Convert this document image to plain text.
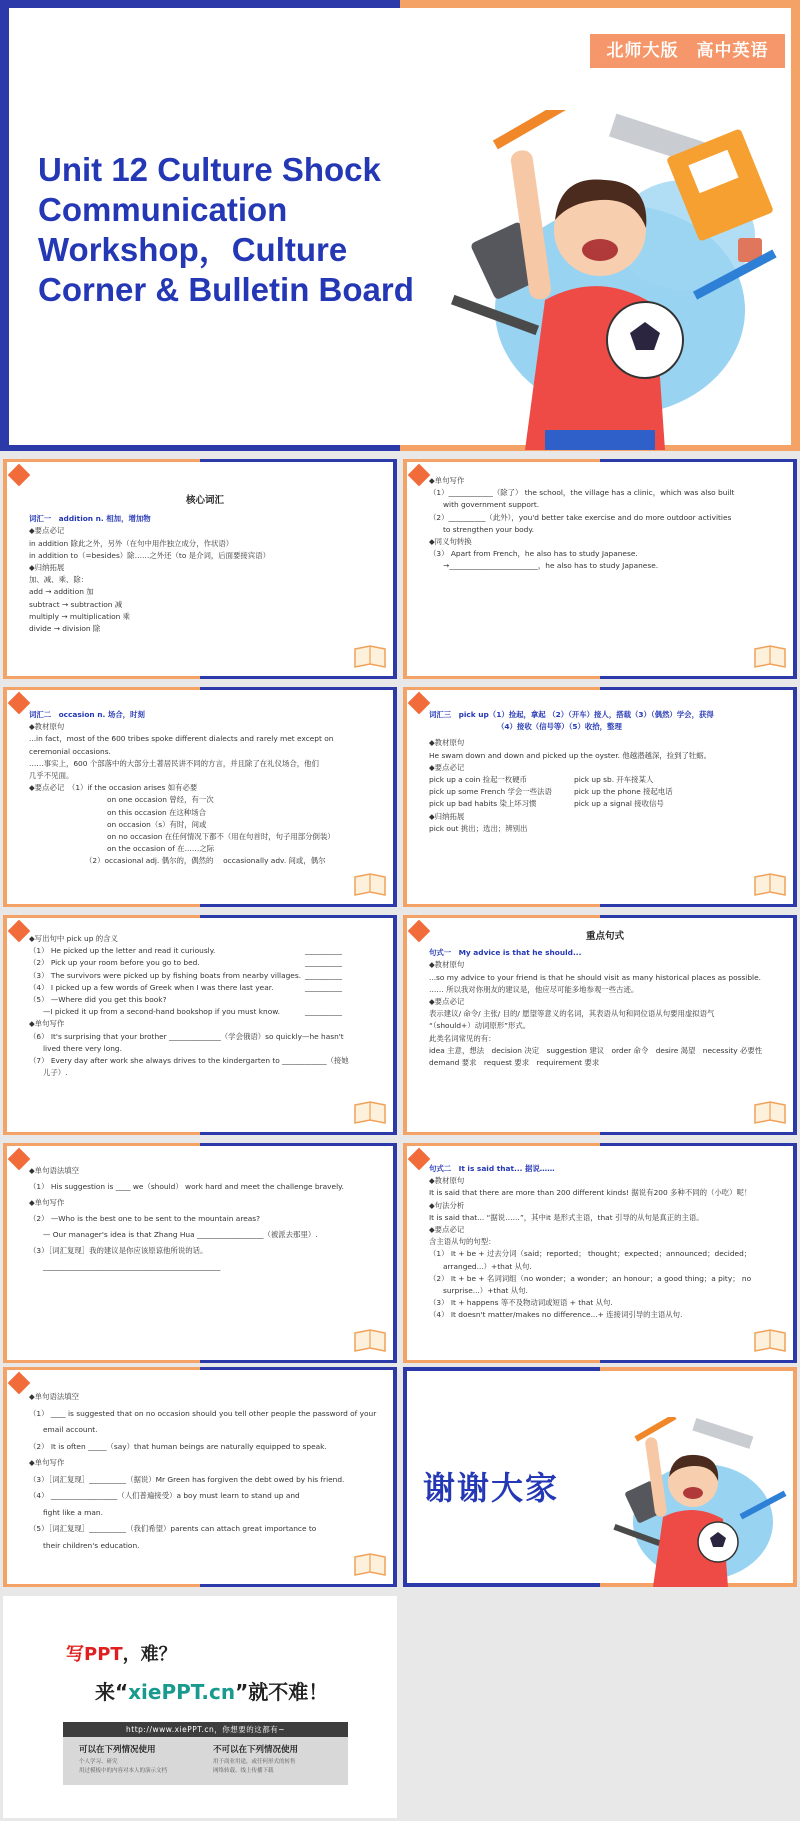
北师大版　高中英语
Unit 12 Culture Shock Communication Workshop，Culture Corner & Bulletin Board
核心词汇

词汇一　addition n. 相加，增加物

◆要点必记

in addition 除此之外，另外（在句中用作独立成分，作状语）

in addition to（=besides）除……之外还（to 是介词，后面要接宾语）

◆归纳拓展

加、减、乘、除：

add → addition 加

subtract → subtraction 减

multiply → multiplication 乘

divide → division 除

◆单句写作

（1）____________（除了） the school，the village has a clinic，which was also built

with government support.

（2）__________（此外），you'd better take exercise and do more outdoor activities

to strengthen your body.

◆同义句转换

（3） Apart from French，he also has to study Japanese.

→________________________，he also has to study Japanese.

词汇二　occasion n. 场合，时刻

◆教材原句

...in fact，most of the 600 tribes spoke different dialects and rarely met except on

ceremonial occasions.

……事实上，600 个部落中的大部分土著居民讲不同的方言，并且除了在礼仪场合，他们

几乎不见面。

◆要点必记　（1）if the occasion arises 如有必要

on one occasion 曾经，有一次

on this occasion 在这种场合

on occasion（s）有时，间或

on no occasion 在任何情况下都不（用在句首时，句子用部分倒装）

on the occasion of 在……之际

（2）occasional adj. 偶尔的，偶然的　 occasionally adv. 间或，偶尔

词汇三　pick up（1）捡起，拿起 （2）（开车）接人，搭载（3）（偶然）学会，获得

（4）接收（信号等）（5）收拾，整理

◆教材原句

He swam down and down and picked up the oyster. 他越潜越深，捡到了牡蛎。

◆要点必记

pick up a coin 捡起一枚硬币	pick up sb. 开车接某人

pick up some French 学会一些法语	pick up the phone 接起电话

pick up bad habits 染上坏习惯	pick up a signal 接收信号

◆归纳拓展

pick out 挑出；选出；辨别出

◆写出句中 pick up 的含义

（1） He picked up the letter and read it curiously.	__________

（2） Pick up your room before you go to bed.	__________

（3） The survivors were picked up by fishing boats from nearby villages. __________

（4） I picked up a few words of Greek when I was there last year.	__________

（5） —Where did you get this book?

—I picked it up from a second-hand bookshop if you must know.	__________

◆单句写作

（6） It's surprising that your brother ______________（学会俄语）so quickly—he hasn't

lived there very long.

（7） Every day after work she always drives to the kindergarten to ____________（接她

儿子）.

重点句式

句式一　My advice is that he should...

◆教材原句

...so my advice to your friend is that he should visit as many historical places as possible.

…… 所以我对你朋友的建议是，他应尽可能多地参观一些古迹。

◆要点必记

表示建议/ 命令/ 主张/ 目的/ 愿望等意义的名词，其表语从句和同位语从句要用虚拟语气

“（should+）动词原形”形式。

此类名词常见的有：

idea 主意，想法　decision 决定　suggestion 建议　order 命令　desire 渴望　necessity 必要性

demand 要求　request 要求　requirement 要求

◆单句语法填空

（1） His suggestion is ____ we（should） work hard and meet the challenge bravely.

◆单句写作

（2） —Who is the best one to be sent to the mountain areas?

— Our manager's idea is that Zhang Hua __________________（被派去那里）.

（3）［词汇复现］我的建议是你应该原谅他所说的话。

________________________________________________

句式二　It is said that... 据说……

◆教材原句

It is said that there are more than 200 different kinds! 据说有200 多种不同的（小吃）呢！

◆句法分析

It is said that... “据说……”，其中it 是形式主语，that 引导的从句是真正的主语。

◆要点必记

含主语从句的句型：

（1） It + be + 过去分词（said；reported； thought；expected；announced；decided；

arranged...）+that 从句.

（2） It + be + 名词词组（no wonder；a wonder；an honour；a good thing；a pity； no

surprise...）+that 从句.

（3） It + happens 等不及物动词或短语 + that 从句.

（4） It doesn't matter/makes no difference...+ 连接词引导的主语从句.

◆单句语法填空

（1） ____ is suggested that on no occasion should you tell other people the password of your

email account.

（2） It is often _____（say）that human beings are naturally equipped to speak.

◆单句写作

（3）［词汇复现］__________（据说）Mr Green has forgiven the debt owed by his friend.

（4） __________________（人们普遍接受）a boy must learn to stand up and

fight like a man.

（5）［词汇复现］__________（我们希望）parents can attach great importance to

their children's education.

谢谢大家
写PPT，难？
来“xiePPT.cn”就不难！
http://www.xiePPT.cn，你想要的这都有~
可以在下列情况使用
个人学习、研究
用过模板中的内容对本人的演示文档
不可以在下列情况使用
用于商业用途，或任何形式的转售
网络转载、线上传播下载
